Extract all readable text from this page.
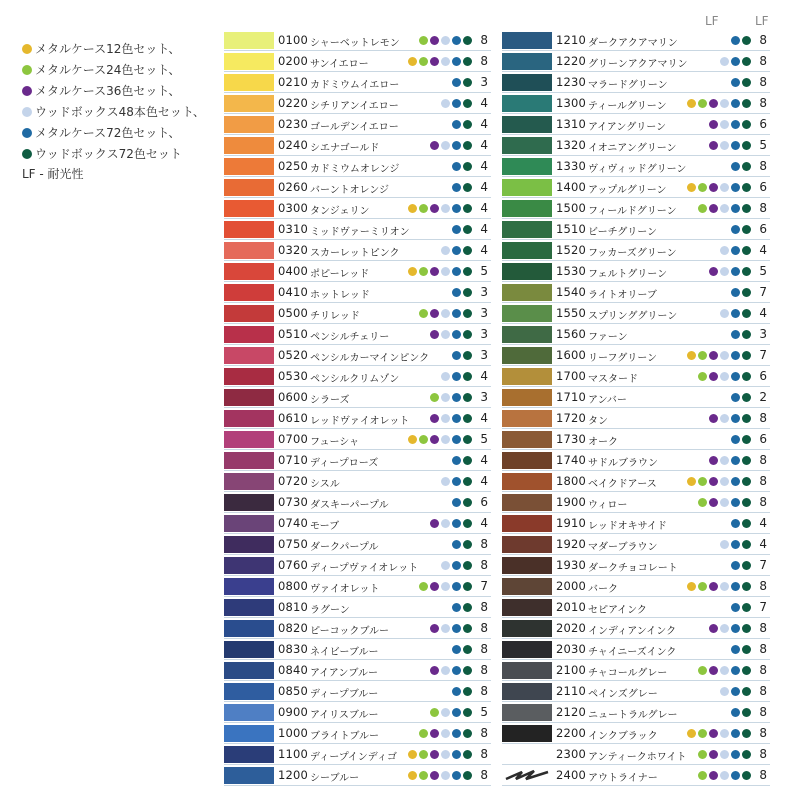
メタルケース12色セット、
メタルケース24色セット、
メタルケース36色セット、
ウッドボックス48本色セット、
メタルケース72色セット、
ウッドボックス72色セット
LF - 耐光性
LF	LF
0100 シャーベットレモン	8
0200 サンイエロー	8
0210 カドミウムイエロー	3
0220 シチリアンイエロー	4
0230 ゴールデンイエロー	4
0240 シエナゴールド	4
0250 カドミウムオレンジ	4
0260 バーントオレンジ	4
0300 タンジェリン	4
0310 ミッドヴァーミリオン	4
0320 スカーレットピンク	4
0400 ポピーレッド	5
0410 ホットレッド	3
0500 チリレッド	3
0510 ペンシルチェリー	3
0520 ペンシルカーマインピンク	3
0530 ペンシルクリムゾン	4
0600 シラーズ	3
0610 レッドヴァイオレット	4
0700 フューシャ	5
0710 ディープローズ	4
0720 シスル	4
0730 ダスキーパープル	6
0740 モーブ	4
0750 ダークパープル	8
0760 ディープヴァイオレット	8
0800 ヴァイオレット	7
0810 ラグーン	8
0820 ピーコックブルー	8
0830 ネイビーブルー	8
0840 アイアンブルー	8
0850 ディープブルー	8
0900 アイリスブルー	5
1000 ブライトブルー	8
1100 ディープインディゴ	8
1200 シーブルー	8
1210 ダークアクアマリン	8
1220 グリーンアクアマリン	8
1230 マラードグリーン	8
1300 ティールグリーン	8
1310 アイアングリーン	6
1320 イオニアングリーン	5
1330 ヴィヴィッドグリーン	8
1400 アップルグリーン	6
1500 フィールドグリーン	8
1510 ビーチグリーン	6
1520 フッカーズグリーン	4
1530 フェルトグリーン	5
1540 ライトオリーブ	7
1550 スプリンググリーン	4
1560 ファーン	3
1600 リーフグリーン	7
1700 マスタード	6
1710 アンバー	2
1720 タン	8
1730 オーク	6
1740 サドルブラウン	8
1800 ベイクドアース	8
1900 ウィロー	8
1910 レッドオキサイド	4
1920 マダーブラウン	4
1930 ダークチョコレート	7
2000 バーク	8
2010 セピアインク	7
2020 インディアンインク	8
2030 チャイニーズインク	8
2100 チャコールグレー	8
2110 ペインズグレー	8
2120 ニュートラルグレー	8
2200 インクブラック	8
2300 アンティークホワイト	8
2400 アウトライナー	8
